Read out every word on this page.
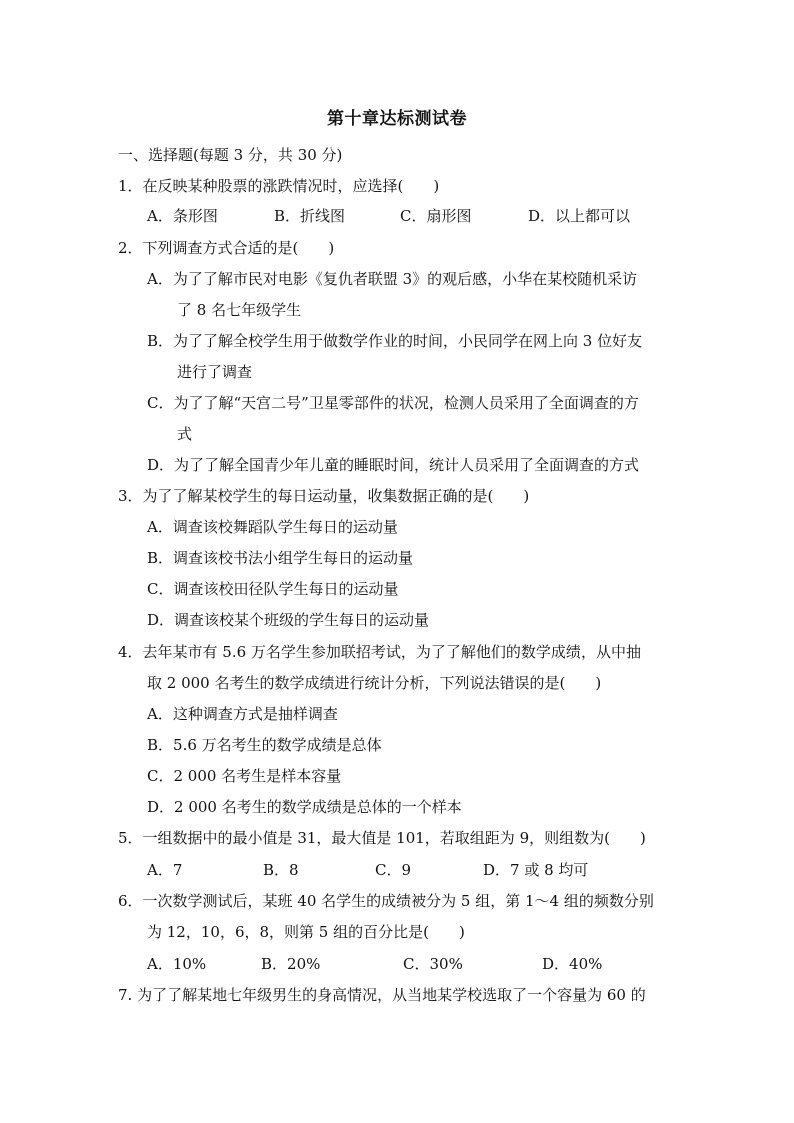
第十章达标测试卷
一、选择题(每题 3 分，共 30 分)
1．在反映某种股票的涨跌情况时，应选择(　　)
A．条形图	B．折线图	C．扇形图	D．以上都可以
2．下列调查方式合适的是(　　)
A．为了了解市民对电影《复仇者联盟 3》的观后感，小华在某校随机采访
了 8 名七年级学生
B．为了了解全校学生用于做数学作业的时间，小民同学在网上向 3 位好友
进行了调查
C．为了了解“天宫二号”卫星零部件的状况，检测人员采用了全面调查的方
式
D．为了了解全国青少年儿童的睡眠时间，统计人员采用了全面调查的方式
3．为了了解某校学生的每日运动量，收集数据正确的是(　　)
A．调查该校舞蹈队学生每日的运动量
B．调查该校书法小组学生每日的运动量
C．调查该校田径队学生每日的运动量
D．调查该校某个班级的学生每日的运动量
4．去年某市有 5.6 万名学生参加联招考试，为了了解他们的数学成绩，从中抽
取 2 000 名考生的数学成绩进行统计分析，下列说法错误的是(　　)
A．这种调查方式是抽样调查
B．5.6 万名考生的数学成绩是总体
C．2 000 名考生是样本容量
D．2 000 名考生的数学成绩是总体的一个样本
5．一组数据中的最小值是 31，最大值是 101，若取组距为 9，则组数为(　　)
A．7	B．8	C．9	D．7 或 8 均可
6．一次数学测试后，某班 40 名学生的成绩被分为 5 组，第 1～4 组的频数分别
为 12，10，6，8，则第 5 组的百分比是(　　)
A．10%	B．20%	C．30%	D．40%
7. 为了了解某地七年级男生的身高情况，从当地某学校选取了一个容量为 60 的
